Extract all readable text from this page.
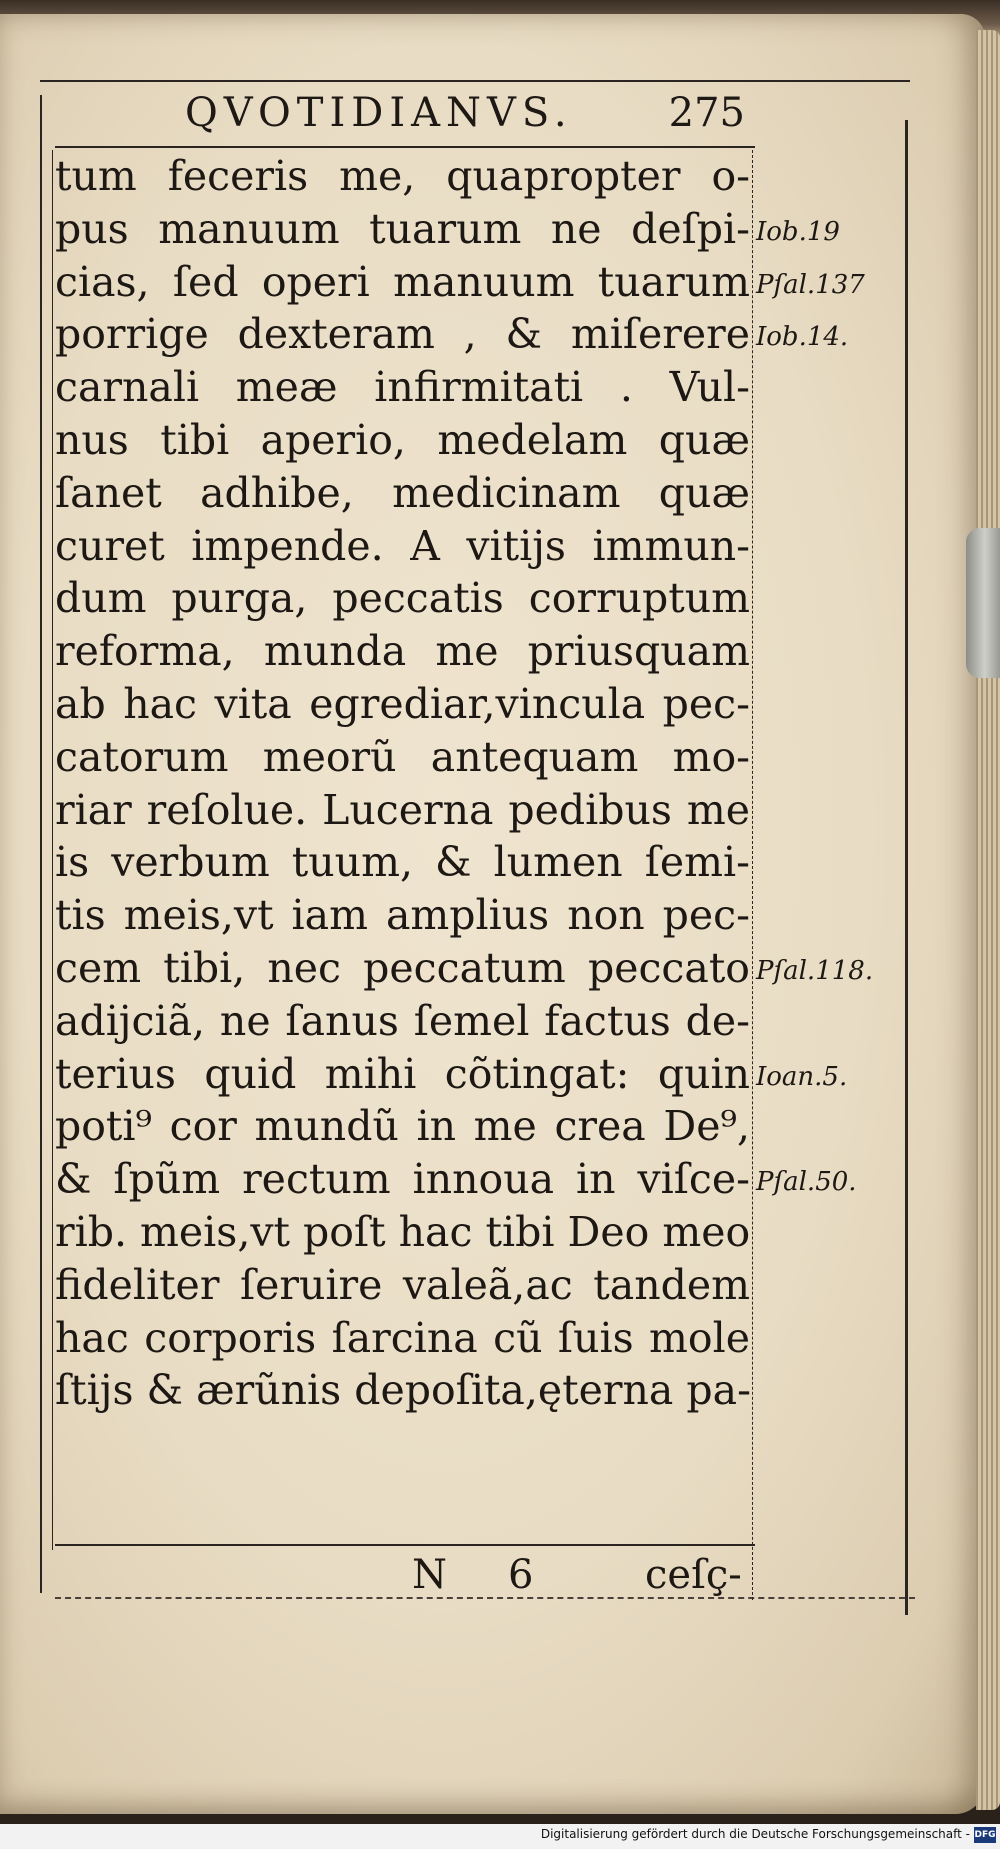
QVOTIDIANVS. 275
tum feceris me, quapropter o-
pus manuum tuarum ne deſpi-
cias, ſed operi manuum tuarum
porrige dexteram , & miſerere
carnali meæ infirmitati . Vul-
nus tibi aperio, medelam quæ
ſanet adhibe, medicinam quæ
curet impende. A vitijs immun-
dum purga, peccatis corruptum
reforma, munda me priusquam
ab hac vita egrediar,vincula pec-
catorum meorũ antequam mo-
riar reſolue. Lucerna pedibus me
is verbum tuum, & lumen ſemi-
tis meis,vt iam amplius non pec-
cem tibi, nec peccatum peccato
adijciã, ne ſanus ſemel factus de-
terius quid mihi cõtingat: quin
poti⁹ cor mundũ in me crea De⁹,
& ſpũm rectum innoua in viſce-
rib. meis,vt poſt hac tibi Deo meo
fideliter ſeruire valeã,ac tandem
hac corporis ſarcina cũ ſuis mole
ſtijs & ærũnis depoſita,ęterna pa-
N 6	ceſç-
Iob.19
Pſal.137
Iob.14.
Pſal.118.
Ioan.5.
Pſal.50.
Digitalisierung gefördert durch die Deutsche Forschungsgemeinschaft - DFG
